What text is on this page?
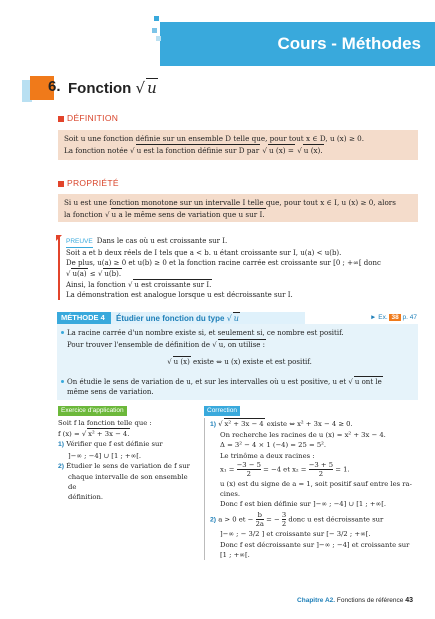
Cours - Méthodes
6. Fonction √ u
DÉFINITION
Soit u une fonction définie sur un ensemble D telle que, pour tout x ∈ D, u (x) ≥ 0.
La fonction notée √ u est la fonction définie sur D par √ u (x) = √ u (x).
PROPRIÉTÉ
Si u est une fonction monotone sur un intervalle I telle que, pour tout x ∈ I, u (x) ≥ 0, alors
la fonction √ u a le même sens de variation que u sur I.
PREUVE Dans le cas où u est croissante sur I.
Soit a et b deux réels de I tels que a < b. u étant croissante sur I, u(a) < u(b).
De plus, u(a) ≥ 0 et u(b) ≥ 0 et la fonction racine carrée est croissante sur [0 ; +∞[ donc
√ u(a) ≤ √ u(b).
Ainsi, la fonction √ u est croissante sur I.
La démonstration est analogue lorsque u est décroissante sur I.
MÉTHODE 4	Étudier une fonction du type √ u	► Ex. 38 p. 47
La racine carrée d'un nombre existe si, et seulement si, ce nombre est positif.
Pour trouver l'ensemble de définition de √ u, on utilise :
√ u (x) existe ⇔ u (x) existe et est positif.
On étudie le sens de variation de u, et sur les intervalles où u est positive, u et √ u ont le
même sens de variation.
Exercice d'application
Soit f la fonction telle que :
f (x) = √ x² + 3x − 4.
1) Vérifier que f est définie sur
]−∞ ; −4] ∪ [1 ; +∞[.
2) Étudier le sens de variation de f sur
chaque intervalle de son ensemble de
définition.
Correction
1) √ x² + 3x − 4 existe ⇔ x² + 3x − 4 ≥ 0.
On recherche les racines de u (x) = x² + 3x − 4.
Δ = 3² − 4 × 1 (−4) = 25 = 5².
Le trinôme a deux racines :
$x_1 = \frac{-3 - 5}{2} = -4$ et $x_2 = \frac{-3 + 5}{2} = 1$.
u (x) est du signe de a = 1, soit positif sauf entre les ra-
cines.
Donc f est bien définie sur ]−∞ ; −4] ∪ [1 ; +∞[.
2) a > 0 et − $\frac{b}{2a}$ = − $\frac{3}{2}$ donc u est décroissante sur
]−∞ ; − 3/2 ] et croissante sur [− 3/2 ; +∞[.
Donc f est décroissante sur ]−∞ ; −4] et croissante sur
[1 ; +∞[.
Chapitre A2. Fonctions de référence 43
